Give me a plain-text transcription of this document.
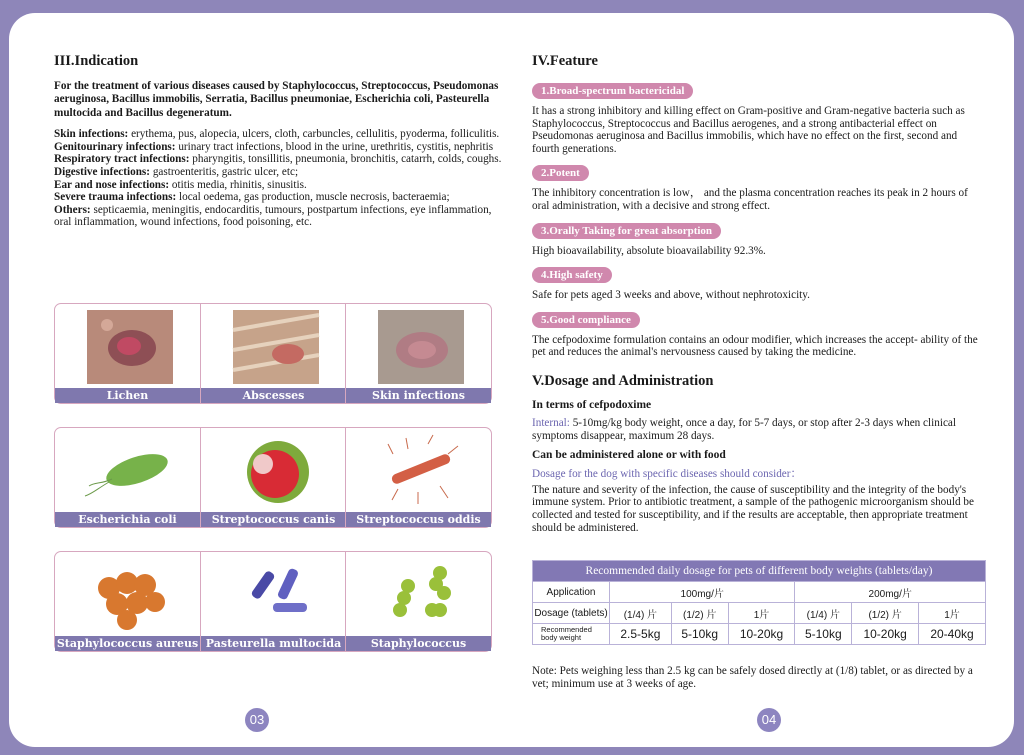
III.Indication
For the treatment of various diseases caused by Staphylococcus, Streptococcus, Pseudomonas aeruginosa, Bacillus immobilis, Serratia, Bacillus pneumoniae, Escherichia coli, Pasteurella multocida and Bacillus degeneratum.
Skin infections: erythema, pus, alopecia, ulcers, cloth, carbuncles, cellulitis, pyoderma, folliculitis.
Genitourinary infections: urinary tract infections, blood in the urine, urethritis, cystitis, nephritis
Respiratory tract infections: pharyngitis, tonsillitis, pneumonia, bronchitis, catarrh, colds, coughs.
Digestive infections: gastroenteritis, gastric ulcer, etc;
Ear and nose infections: otitis media, rhinitis, sinusitis.
Severe trauma infections: local oedema, gas production, muscle necrosis, bacteraemia;
Others: septicaemia, meningitis, endocarditis, tumours, postpartum infections, eye inflammation, oral inflammation, wound infections, food poisoning, etc.
Lichen	Abscesses	Skin infections
Escherichia coli	Streptococcus canis	Streptococcus oddis
Staphylococcus aureus Pasteurella multocida	Staphylococcus intermedius
03
IV.Feature
1.Broad-spectrum bactericidal
It has a strong inhibitory and killing effect on Gram-positive and Gram-negative bacteria such as Staphylococcus, Streptococcus and Bacillus aerogenes, and a strong antibacterial effect on Pseudomonas aeruginosa and Bacillus immobilis, which have no effect on the first, second and fourth generations.
2.Potent
The inhibitory concentration is low， and the plasma concentration reaches its peak in 2 hours of oral administration, with a decisive and strong effect.
3.Orally Taking for great absorption
High bioavailability, absolute bioavailability 92.3%.
4.High safety
Safe for pets aged 3 weeks and above, without nephrotoxicity.
5.Good compliance
The cefpodoxime formulation contains an odour modifier, which increases the accept- ability of the pet and reduces the animal's nervousness caused by taking the medicine.
V.Dosage and Administration
In terms of cefpodoxime
Internal: 5-10mg/kg body weight, once a day, for 5-7 days, or stop after 2-3 days when clinical symptoms disappear, maximum 28 days.
Can be administered alone or with food
Dosage for the dog with specific diseases should consider：
The nature and severity of the infection, the cause of susceptibility and the integrity of the body's immune system. Prior to antibiotic treatment, a sample of the pathogenic microorganism should be collected and tested for susceptibility, and if the results are acceptable, then appropriate treatment should be administered.
Recommended daily dosage for pets of different body weights (tablets/day)						
Application	100mg/片			200mg/片		
Dosage (tablets)	(1/4) 片	(1/2) 片	1片	(1/4) 片	(1/2) 片	1片
Recommended body weight	2.5-5kg	5-10kg	10-20kg	5-10kg	10-20kg	20-40kg
Note: Pets weighing less than 2.5 kg can be safely dosed directly at (1/8) tablet, or as directed by a vet; minimum use at 3 weeks of age.
04
